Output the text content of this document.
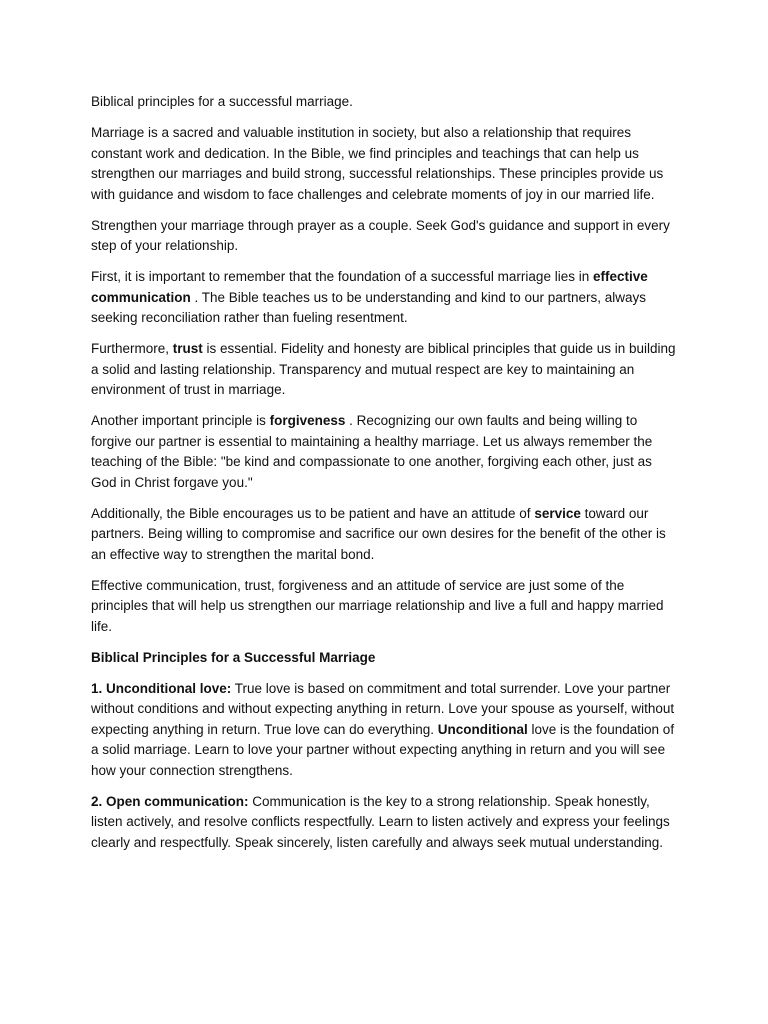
Biblical principles for a successful marriage.

Marriage is a sacred and valuable institution in society, but also a relationship that requires constant work and dedication. In the Bible, we find principles and teachings that can help us strengthen our marriages and build strong, successful relationships. These principles provide us with guidance and wisdom to face challenges and celebrate moments of joy in our married life.

Strengthen your marriage through prayer as a couple. Seek God's guidance and support in every step of your relationship.

First, it is important to remember that the foundation of a successful marriage lies in effective communication . The Bible teaches us to be understanding and kind to our partners, always seeking reconciliation rather than fueling resentment.

Furthermore, trust is essential. Fidelity and honesty are biblical principles that guide us in building a solid and lasting relationship. Transparency and mutual respect are key to maintaining an environment of trust in marriage.

Another important principle is forgiveness . Recognizing our own faults and being willing to forgive our partner is essential to maintaining a healthy marriage. Let us always remember the teaching of the Bible: "be kind and compassionate to one another, forgiving each other, just as God in Christ forgave you."

Additionally, the Bible encourages us to be patient and have an attitude of service toward our partners. Being willing to compromise and sacrifice our own desires for the benefit of the other is an effective way to strengthen the marital bond.

Effective communication, trust, forgiveness and an attitude of service are just some of the principles that will help us strengthen our marriage relationship and live a full and happy married life.

Biblical Principles for a Successful Marriage

1. Unconditional love: True love is based on commitment and total surrender. Love your partner without conditions and without expecting anything in return. Love your spouse as yourself, without expecting anything in return. True love can do everything. Unconditional love is the foundation of a solid marriage. Learn to love your partner without expecting anything in return and you will see how your connection strengthens.

2. Open communication: Communication is the key to a strong relationship. Speak honestly, listen actively, and resolve conflicts respectfully. Learn to listen actively and express your feelings clearly and respectfully. Speak sincerely, listen carefully and always seek mutual understanding.
